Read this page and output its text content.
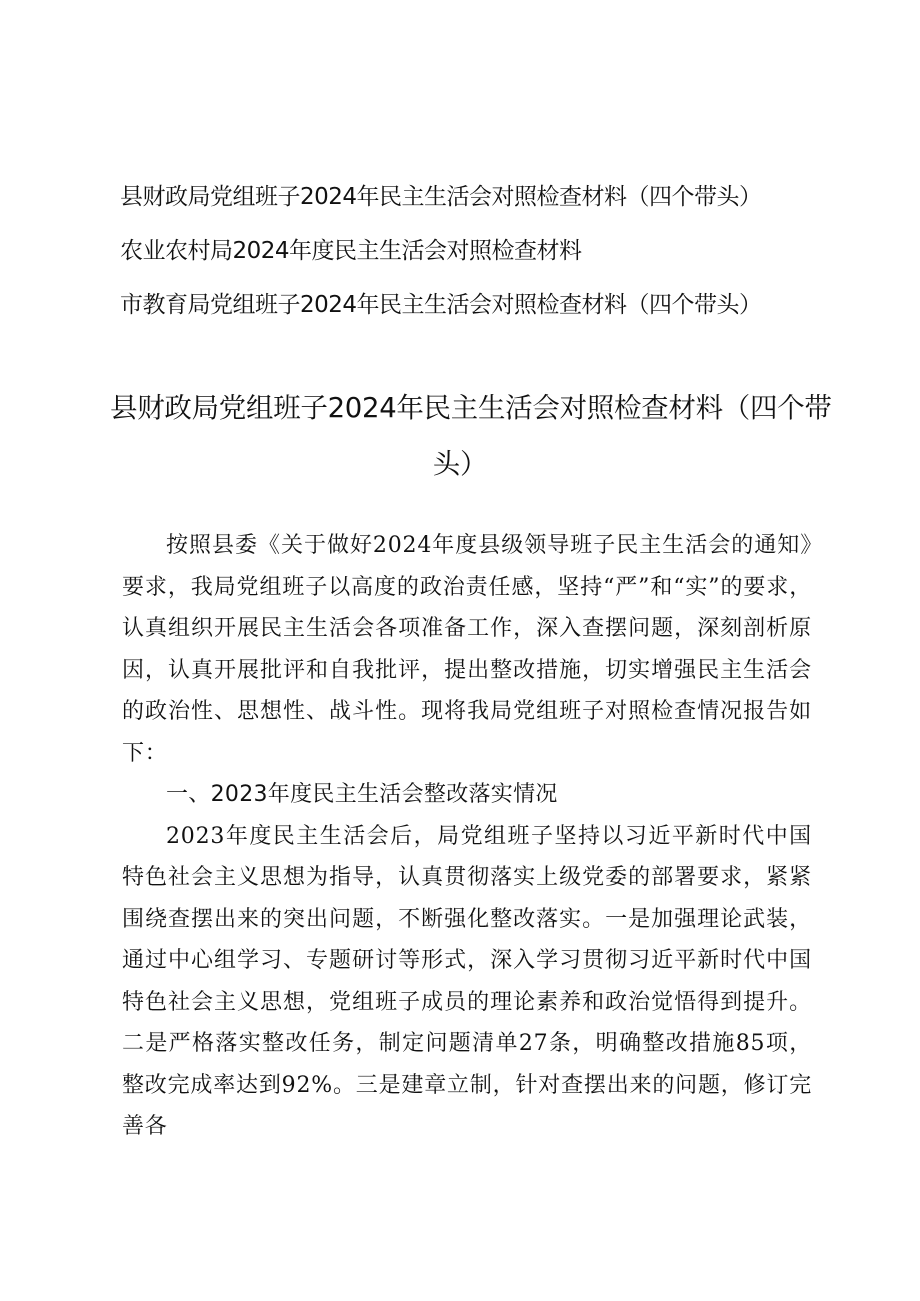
县财政局党组班子2024年民主生活会对照检查材料（四个带头）
农业农村局2024年度民主生活会对照检查材料
市教育局党组班子2024年民主生活会对照检查材料（四个带头）
县财政局党组班子2024年民主生活会对照检查材料（四个带
头）

按照县委《关于做好2024年度县级领导班子民主生活会的通知》要求，我局党组班子以高度的政治责任感，坚持“严”和“实”的要求，认真组织开展民主生活会各项准备工作，深入查摆问题，深刻剖析原因，认真开展批评和自我批评，提出整改措施，切实增强民主生活会的政治性、思想性、战斗性。现将我局党组班子对照检查情况报告如下：

一、2023年度民主生活会整改落实情况

2023年度民主生活会后，局党组班子坚持以习近平新时代中国特色社会主义思想为指导，认真贯彻落实上级党委的部署要求，紧紧围绕查摆出来的突出问题，不断强化整改落实。一是加强理论武装，通过中心组学习、专题研讨等形式，深入学习贯彻习近平新时代中国特色社会主义思想，党组班子成员的理论素养和政治觉悟得到提升。二是严格落实整改任务，制定问题清单27条，明确整改措施85项，整改完成率达到92%。三是建章立制，针对查摆出来的问题，修订完善各
